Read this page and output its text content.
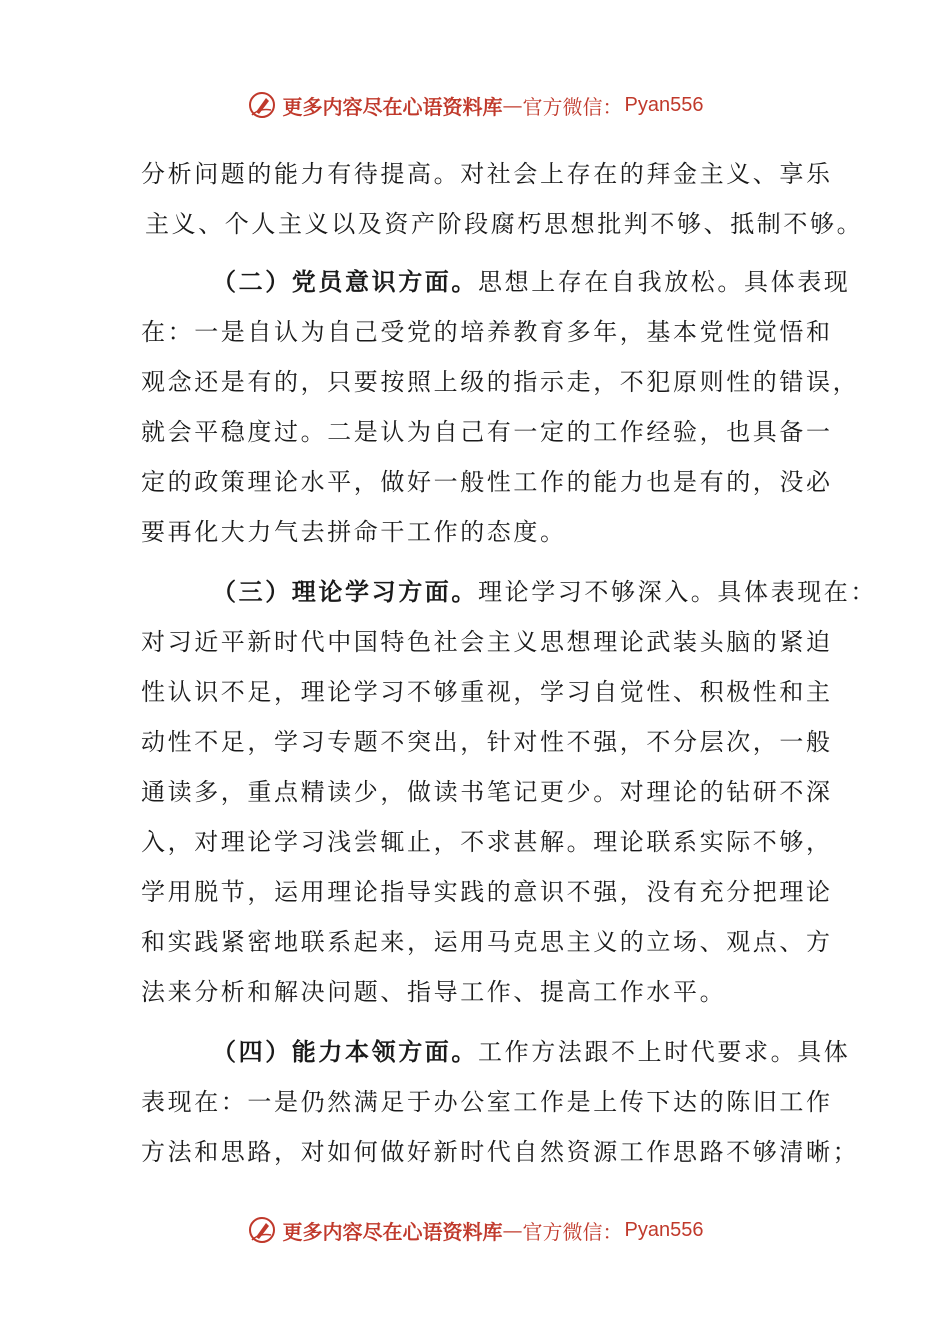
更多内容尽在心语资料库 — 官方微信： Pyan556
分析问题的能力有待提高。对社会上存在的拜金主义、享乐
主义、个人主义以及资产阶段腐朽思想批判不够、抵制不够。
（二）党员意识方面。思想上存在自我放松。具体表现
在：一是自认为自己受党的培养教育多年，基本党性觉悟和
观念还是有的，只要按照上级的指示走，不犯原则性的错误，
就会平稳度过。二是认为自己有一定的工作经验，也具备一
定的政策理论水平，做好一般性工作的能力也是有的，没必
要再化大力气去拼命干工作的态度。
（三）理论学习方面。理论学习不够深入。具体表现在：
对习近平新时代中国特色社会主义思想理论武装头脑的紧迫
性认识不足，理论学习不够重视，学习自觉性、积极性和主
动性不足，学习专题不突出，针对性不强，不分层次，一般
通读多，重点精读少，做读书笔记更少。对理论的钻研不深
入，对理论学习浅尝辄止，不求甚解。理论联系实际不够，
学用脱节，运用理论指导实践的意识不强，没有充分把理论
和实践紧密地联系起来，运用马克思主义的立场、观点、方
法来分析和解决问题、指导工作、提高工作水平。
（四）能力本领方面。工作方法跟不上时代要求。具体
表现在：一是仍然满足于办公室工作是上传下达的陈旧工作
方法和思路，对如何做好新时代自然资源工作思路不够清晰；
更多内容尽在心语资料库 — 官方微信： Pyan556
